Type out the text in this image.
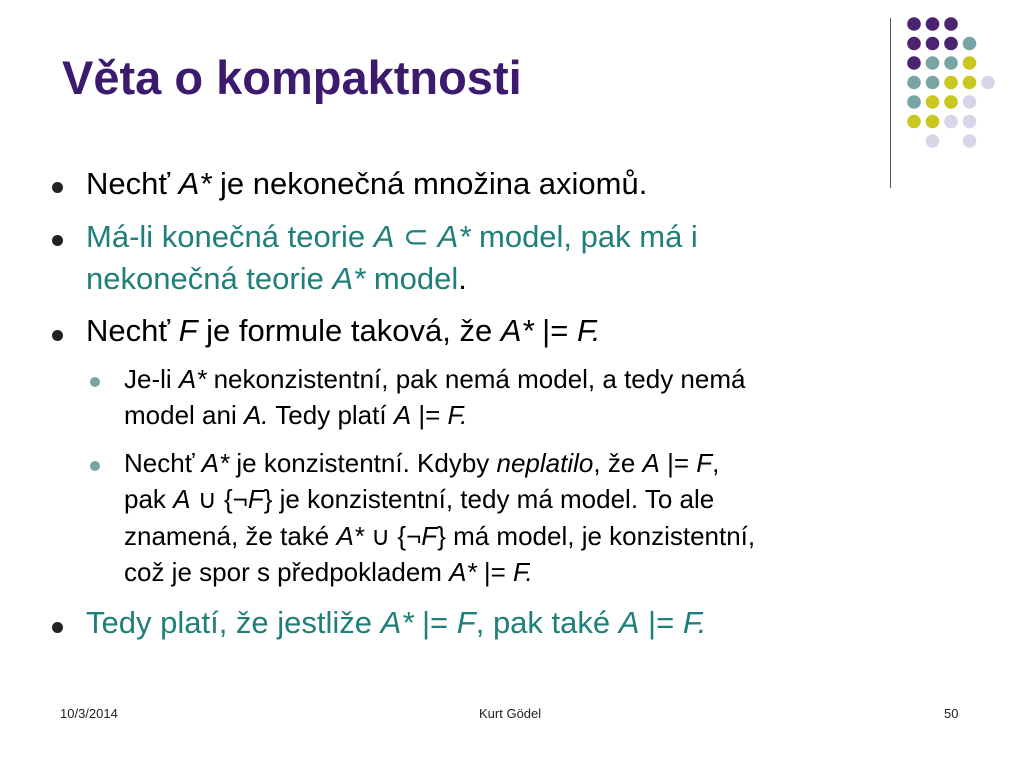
Věta o kompaktnosti
Nechť A* je nekonečná množina axiomů.
Má-li konečná teorie A ⊂ A* model, pak má i
nekonečná teorie A* model.
Nechť F je formule taková, že A* |= F.
Je-li A* nekonzistentní, pak nemá model, a tedy nemá
model ani A. Tedy platí A |= F.
Nechť A* je konzistentní. Kdyby neplatilo, že A |= F,
pak A ∪ {¬F} je konzistentní, tedy má model. To ale
znamená, že také A* ∪ {¬F} má model, je konzistentní,
což je spor s předpokladem A* |= F.
Tedy platí, že jestliže A* |= F, pak také A |= F.
10/3/2014	Kurt Gödel	50
